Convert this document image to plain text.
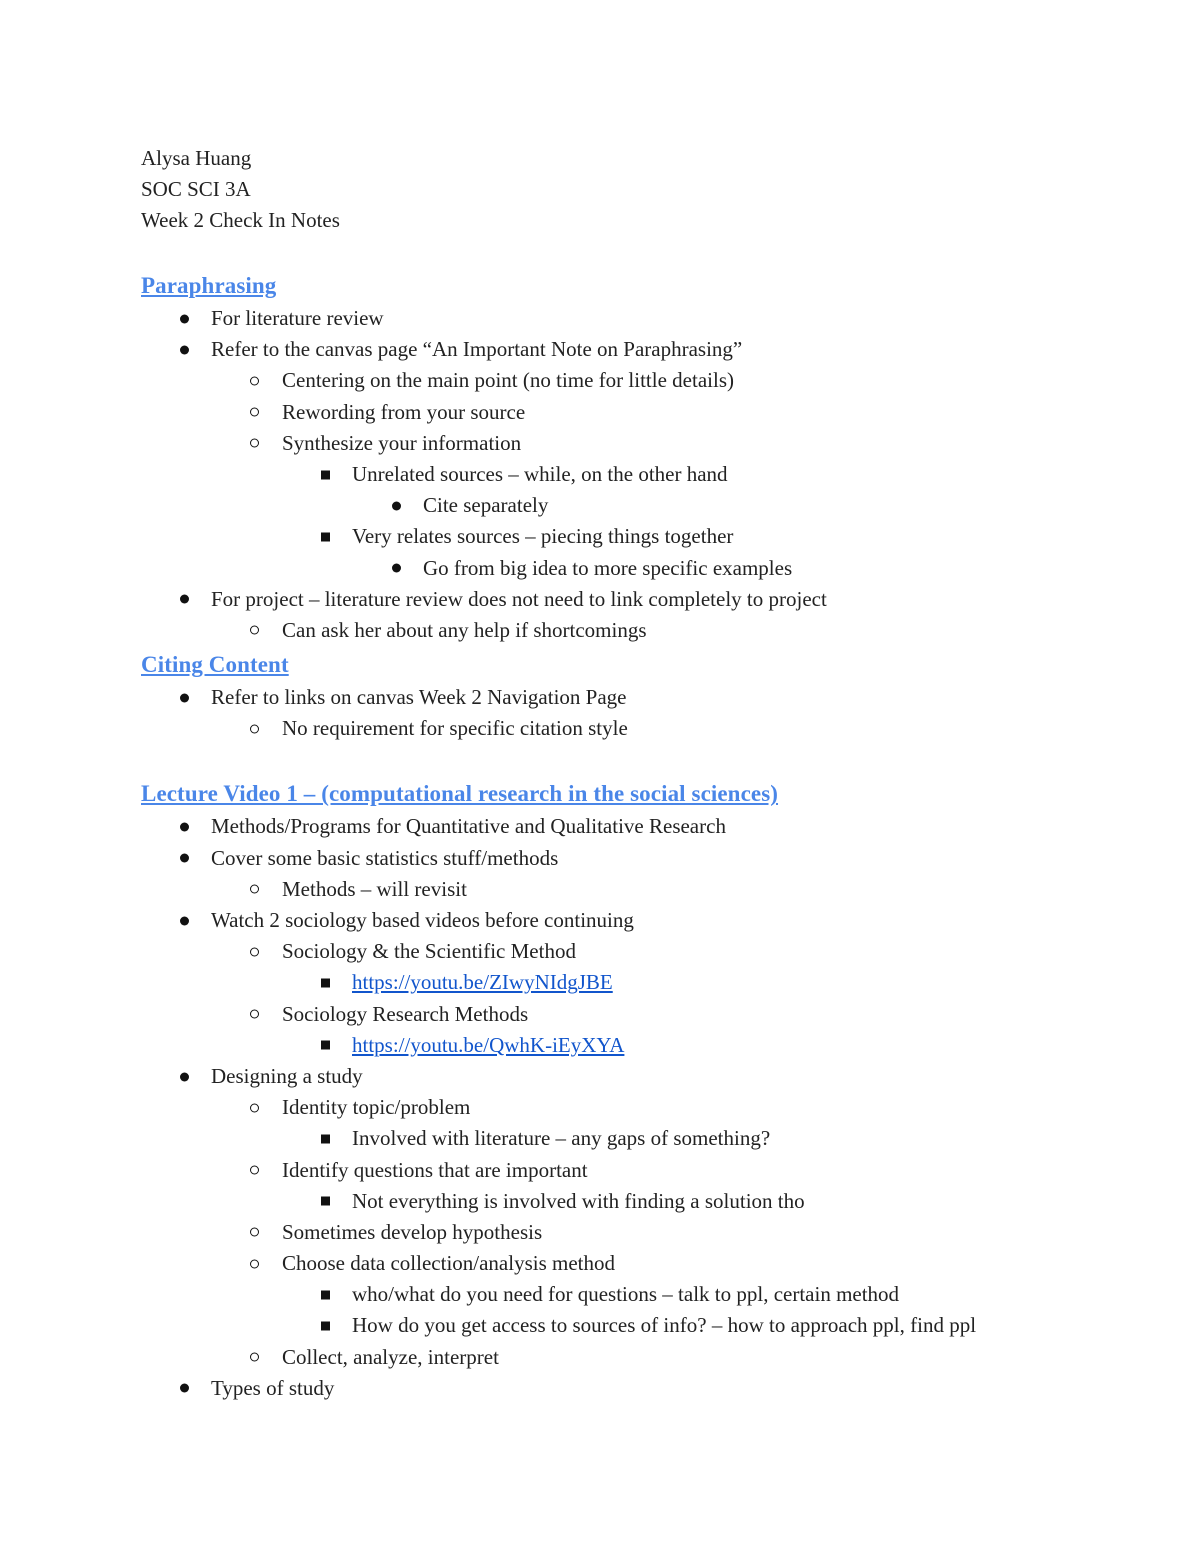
Alysa Huang
SOC SCI 3A
Week 2 Check In Notes
Paraphrasing
For literature review
Refer to the canvas page “An Important Note on Paraphrasing”
Centering on the main point (no time for little details)
Rewording from your source
Synthesize your information
Unrelated sources – while, on the other hand
Cite separately
Very relates sources – piecing things together
Go from big idea to more specific examples
For project – literature review does not need to link completely to project
Can ask her about any help if shortcomings
Citing Content
Refer to links on canvas Week 2 Navigation Page
No requirement for specific citation style
Lecture Video 1 – (computational research in the social sciences)
Methods/Programs for Quantitative and Qualitative Research
Cover some basic statistics stuff/methods
Methods – will revisit
Watch 2 sociology based videos before continuing
Sociology & the Scientific Method
https://youtu.be/ZIwyNIdgJBE
Sociology Research Methods
https://youtu.be/QwhK-iEyXYA
Designing a study
Identity topic/problem
Involved with literature – any gaps of something?
Identify questions that are important
Not everything is involved with finding a solution tho
Sometimes develop hypothesis
Choose data collection/analysis method
who/what do you need for questions – talk to ppl, certain method
How do you get access to sources of info? – how to approach ppl, find ppl
Collect, analyze, interpret
Types of study
